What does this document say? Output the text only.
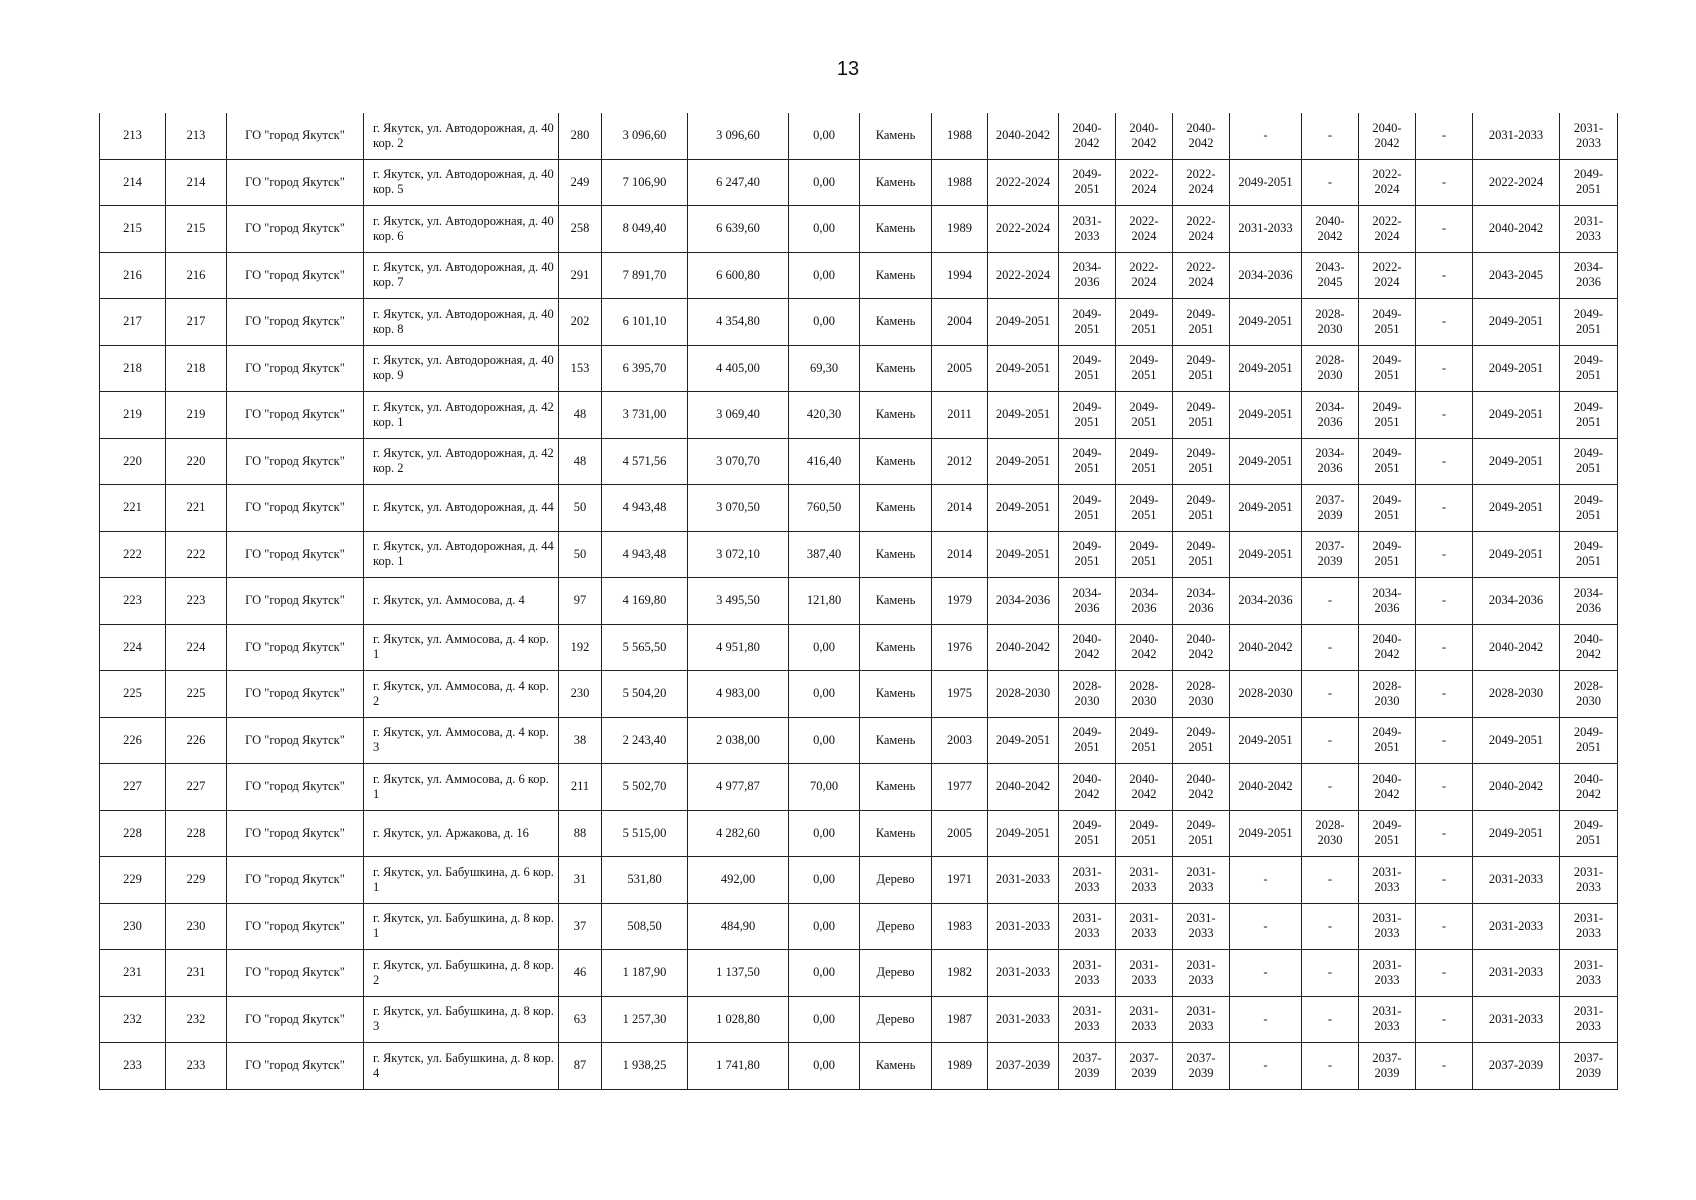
13
213	213	ГО "город Якутск"	г. Якутск, ул. Автодорожная, д. 40 кор. 2	280	3 096,60	3 096,60	0,00	Камень	1988	2040-2042	2040-2042	2040-2042	2040-2042	-	-	2040-2042	-	2031-2033	2031-2033
214	214	ГО "город Якутск"	г. Якутск, ул. Автодорожная, д. 40 кор. 5	249	7 106,90	6 247,40	0,00	Камень	1988	2022-2024	2049-2051	2022-2024	2022-2024	2049-2051	-	2022-2024	-	2022-2024	2049-2051
215	215	ГО "город Якутск"	г. Якутск, ул. Автодорожная, д. 40 кор. 6	258	8 049,40	6 639,60	0,00	Камень	1989	2022-2024	2031-2033	2022-2024	2022-2024	2031-2033	2040-2042	2022-2024	-	2040-2042	2031-2033
216	216	ГО "город Якутск"	г. Якутск, ул. Автодорожная, д. 40 кор. 7	291	7 891,70	6 600,80	0,00	Камень	1994	2022-2024	2034-2036	2022-2024	2022-2024	2034-2036	2043-2045	2022-2024	-	2043-2045	2034-2036
217	217	ГО "город Якутск"	г. Якутск, ул. Автодорожная, д. 40 кор. 8	202	6 101,10	4 354,80	0,00	Камень	2004	2049-2051	2049-2051	2049-2051	2049-2051	2049-2051	2028-2030	2049-2051	-	2049-2051	2049-2051
218	218	ГО "город Якутск"	г. Якутск, ул. Автодорожная, д. 40 кор. 9	153	6 395,70	4 405,00	69,30	Камень	2005	2049-2051	2049-2051	2049-2051	2049-2051	2049-2051	2028-2030	2049-2051	-	2049-2051	2049-2051
219	219	ГО "город Якутск"	г. Якутск, ул. Автодорожная, д. 42 кор. 1	48	3 731,00	3 069,40	420,30	Камень	2011	2049-2051	2049-2051	2049-2051	2049-2051	2049-2051	2034-2036	2049-2051	-	2049-2051	2049-2051
220	220	ГО "город Якутск"	г. Якутск, ул. Автодорожная, д. 42 кор. 2	48	4 571,56	3 070,70	416,40	Камень	2012	2049-2051	2049-2051	2049-2051	2049-2051	2049-2051	2034-2036	2049-2051	-	2049-2051	2049-2051
221	221	ГО "город Якутск"	г. Якутск, ул. Автодорожная, д. 44	50	4 943,48	3 070,50	760,50	Камень	2014	2049-2051	2049-2051	2049-2051	2049-2051	2049-2051	2037-2039	2049-2051	-	2049-2051	2049-2051
222	222	ГО "город Якутск"	г. Якутск, ул. Автодорожная, д. 44 кор. 1	50	4 943,48	3 072,10	387,40	Камень	2014	2049-2051	2049-2051	2049-2051	2049-2051	2049-2051	2037-2039	2049-2051	-	2049-2051	2049-2051
223	223	ГО "город Якутск"	г. Якутск, ул. Аммосова, д. 4	97	4 169,80	3 495,50	121,80	Камень	1979	2034-2036	2034-2036	2034-2036	2034-2036	2034-2036	-	2034-2036	-	2034-2036	2034-2036
224	224	ГО "город Якутск"	г. Якутск, ул. Аммосова, д. 4 кор. 1	192	5 565,50	4 951,80	0,00	Камень	1976	2040-2042	2040-2042	2040-2042	2040-2042	2040-2042	-	2040-2042	-	2040-2042	2040-2042
225	225	ГО "город Якутск"	г. Якутск, ул. Аммосова, д. 4 кор. 2	230	5 504,20	4 983,00	0,00	Камень	1975	2028-2030	2028-2030	2028-2030	2028-2030	2028-2030	-	2028-2030	-	2028-2030	2028-2030
226	226	ГО "город Якутск"	г. Якутск, ул. Аммосова, д. 4 кор. 3	38	2 243,40	2 038,00	0,00	Камень	2003	2049-2051	2049-2051	2049-2051	2049-2051	2049-2051	-	2049-2051	-	2049-2051	2049-2051
227	227	ГО "город Якутск"	г. Якутск, ул. Аммосова, д. 6 кор. 1	211	5 502,70	4 977,87	70,00	Камень	1977	2040-2042	2040-2042	2040-2042	2040-2042	2040-2042	-	2040-2042	-	2040-2042	2040-2042
228	228	ГО "город Якутск"	г. Якутск, ул. Аржакова, д. 16	88	5 515,00	4 282,60	0,00	Камень	2005	2049-2051	2049-2051	2049-2051	2049-2051	2049-2051	2028-2030	2049-2051	-	2049-2051	2049-2051
229	229	ГО "город Якутск"	г. Якутск, ул. Бабушкина, д. 6 кор. 1	31	531,80	492,00	0,00	Дерево	1971	2031-2033	2031-2033	2031-2033	2031-2033	-	-	2031-2033	-	2031-2033	2031-2033
230	230	ГО "город Якутск"	г. Якутск, ул. Бабушкина, д. 8 кор. 1	37	508,50	484,90	0,00	Дерево	1983	2031-2033	2031-2033	2031-2033	2031-2033	-	-	2031-2033	-	2031-2033	2031-2033
231	231	ГО "город Якутск"	г. Якутск, ул. Бабушкина, д. 8 кор. 2	46	1 187,90	1 137,50	0,00	Дерево	1982	2031-2033	2031-2033	2031-2033	2031-2033	-	-	2031-2033	-	2031-2033	2031-2033
232	232	ГО "город Якутск"	г. Якутск, ул. Бабушкина, д. 8 кор. 3	63	1 257,30	1 028,80	0,00	Дерево	1987	2031-2033	2031-2033	2031-2033	2031-2033	-	-	2031-2033	-	2031-2033	2031-2033
233	233	ГО "город Якутск"	г. Якутск, ул. Бабушкина, д. 8 кор. 4	87	1 938,25	1 741,80	0,00	Камень	1989	2037-2039	2037-2039	2037-2039	2037-2039	-	-	2037-2039	-	2037-2039	2037-2039
